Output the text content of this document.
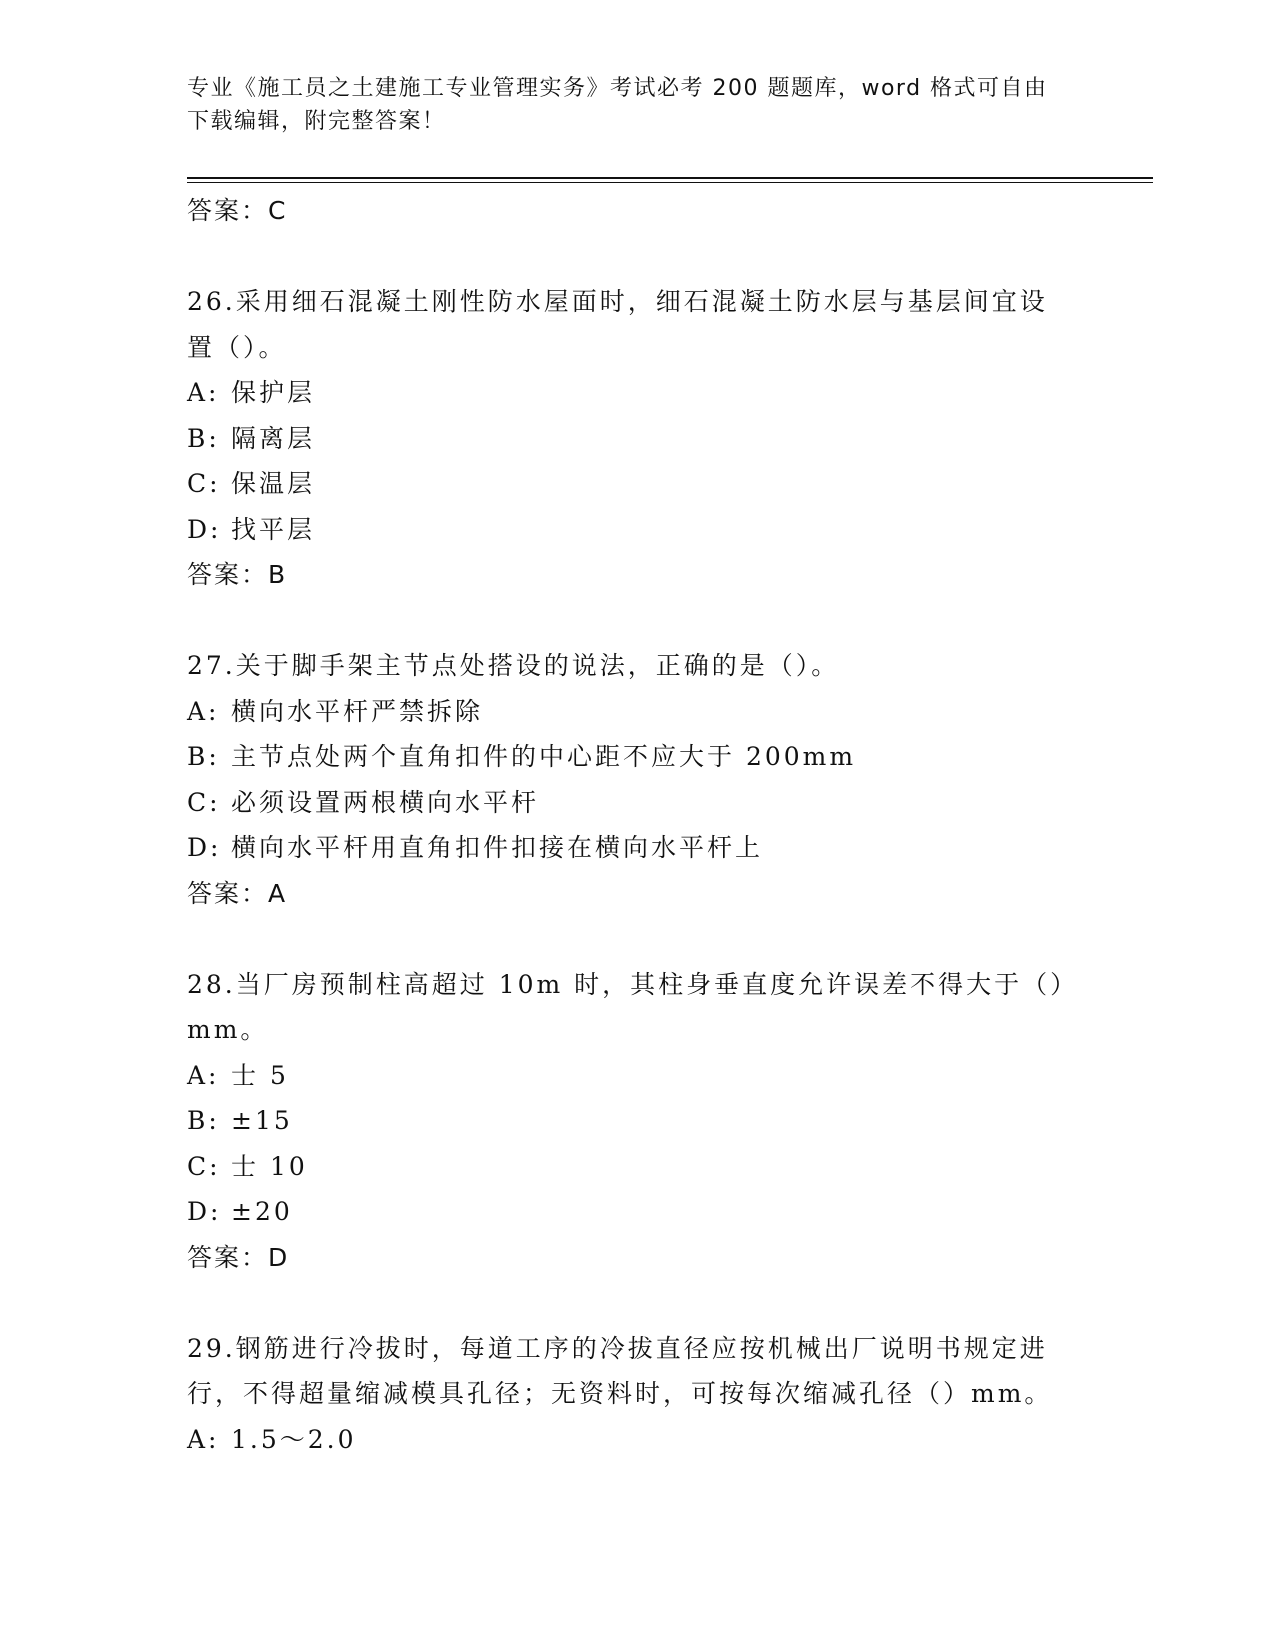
专业《施工员之土建施工专业管理实务》考试必考 200 题题库，word 格式可自由
下载编辑，附完整答案！
答案：C
26.采用细石混凝土刚性防水屋面时，细石混凝土防水层与基层间宜设
置（）。
A: 保护层
B: 隔离层
C: 保温层
D: 找平层
答案：B
27.关于脚手架主节点处搭设的说法，正确的是（）。
A: 横向水平杆严禁拆除
B: 主节点处两个直角扣件的中心距不应大于 200mm
C: 必须设置两根横向水平杆
D: 横向水平杆用直角扣件扣接在横向水平杆上
答案：A
28.当厂房预制柱高超过 10m 时，其柱身垂直度允许误差不得大于（）
mm。
A: 士 5
B: ±15
C: 士 10
D: ±20
答案：D
29.钢筋进行冷拔时，每道工序的冷拔直径应按机械出厂说明书规定进
行，不得超量缩减模具孔径；无资料时，可按每次缩减孔径（）mm。
A: 1.5～2.0
